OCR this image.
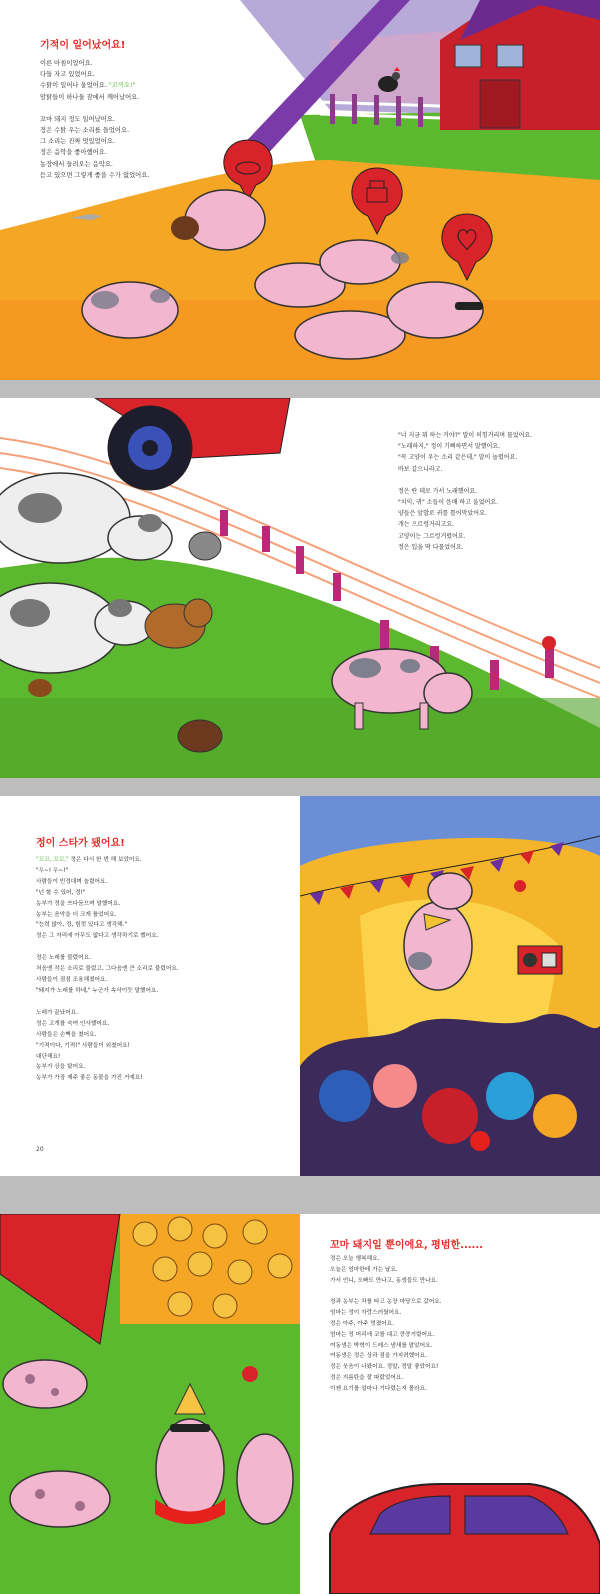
기적이 일어났어요!

이른 아침이었어요.

다들 자고 있었어요.

수탉이 일어나 울었어요. "꼬끼오!"

암탉들이 하나둘 잠에서 깨어났어요.

꼬마 돼지 정도 일어났어요.

정은 수탉 우는 소리를 들었어요.

그 소리는 진짜 멋있었어요.

정은 음악을 좋아했어요.

농장에서 들려오는 음악요.

듣고 있으면 그렇게 좋을 수가 없었어요.

"너 지금 뭐 하는 거야?" 말이 히힝거리며 물었어요.

"노래하지," 정이 기뻐하면서 말했어요.

"꼭 고양이 우는 소리 같은데," 말이 놀렸어요.

바보 같으니라고.

정은 딴 데로 가서 노래했어요.

"치익, 귀" 소들이 음매 하고 울었어요.

양들은 앞발로 귀를 틀어막았어요.

개는 으르렁거리고요.

고양이는 그르렁거렸어요.

정은 입을 딱 다물었어요.

정이 스타가 됐어요!

"꼬꼬, 꼬꼬," 정은 다시 한 번 해 보았어요.

"우~! 우~!"

사람들이 빈정대며 놀렸어요.

"넌 할 수 있어, 정!"

농부가 정을 쓰다듬으며 말했어요.

농부는 음악을 더 크게 틀었어요.

"능력 많아, 정, 힘껏 있다고 생각해."

정은 그 자리에 아무도 없다고 생각하기로 했어요.

정은 노래를 불렀어요.

처음엔 작은 소리로 불렀고, 그다음엔 큰 소리로 불렀어요.

사람들이 점점 조용해졌어요.

"돼지가 노래를 하네," 누군가 속삭이듯 말했어요.

노래가 끝났어요.

정은 고개를 숙여 인사했어요.

사람들은 손뼉을 쳤어요.

"기적이다, 기적!" 사람들이 외쳤어요!

대단해요!

농부가 상을 탔어요.

농부가 가장 재주 좋은 동물을 가진 거예요!

20
꼬마 돼지일 뿐이에요, 평범한......

정은 오늘 행복해요.

오늘은 엄마한테 가는 날요.

가서 언니, 오빠도 만나고, 동생들도 만나요.

정과 농부는 차를 타고 농장 마당으로 갔어요.

엄마는 정이 자랑스러웠어요.

정은 아주, 아주 멋졌어요.

엄마는 정 머리에 코를 대고 킁킁거렸어요.

여동생은 박혁이 드레스 냄새를 맡았어요.

여동생은 정은 상과 점을 가지려했어요.

정은 웃음이 나왔어요. 정말, 정말 좋았어요!

정은 지름탄을 잘 따랐었어요.

이젠 요기를 얼마나 기다렸는지 몰라요.
